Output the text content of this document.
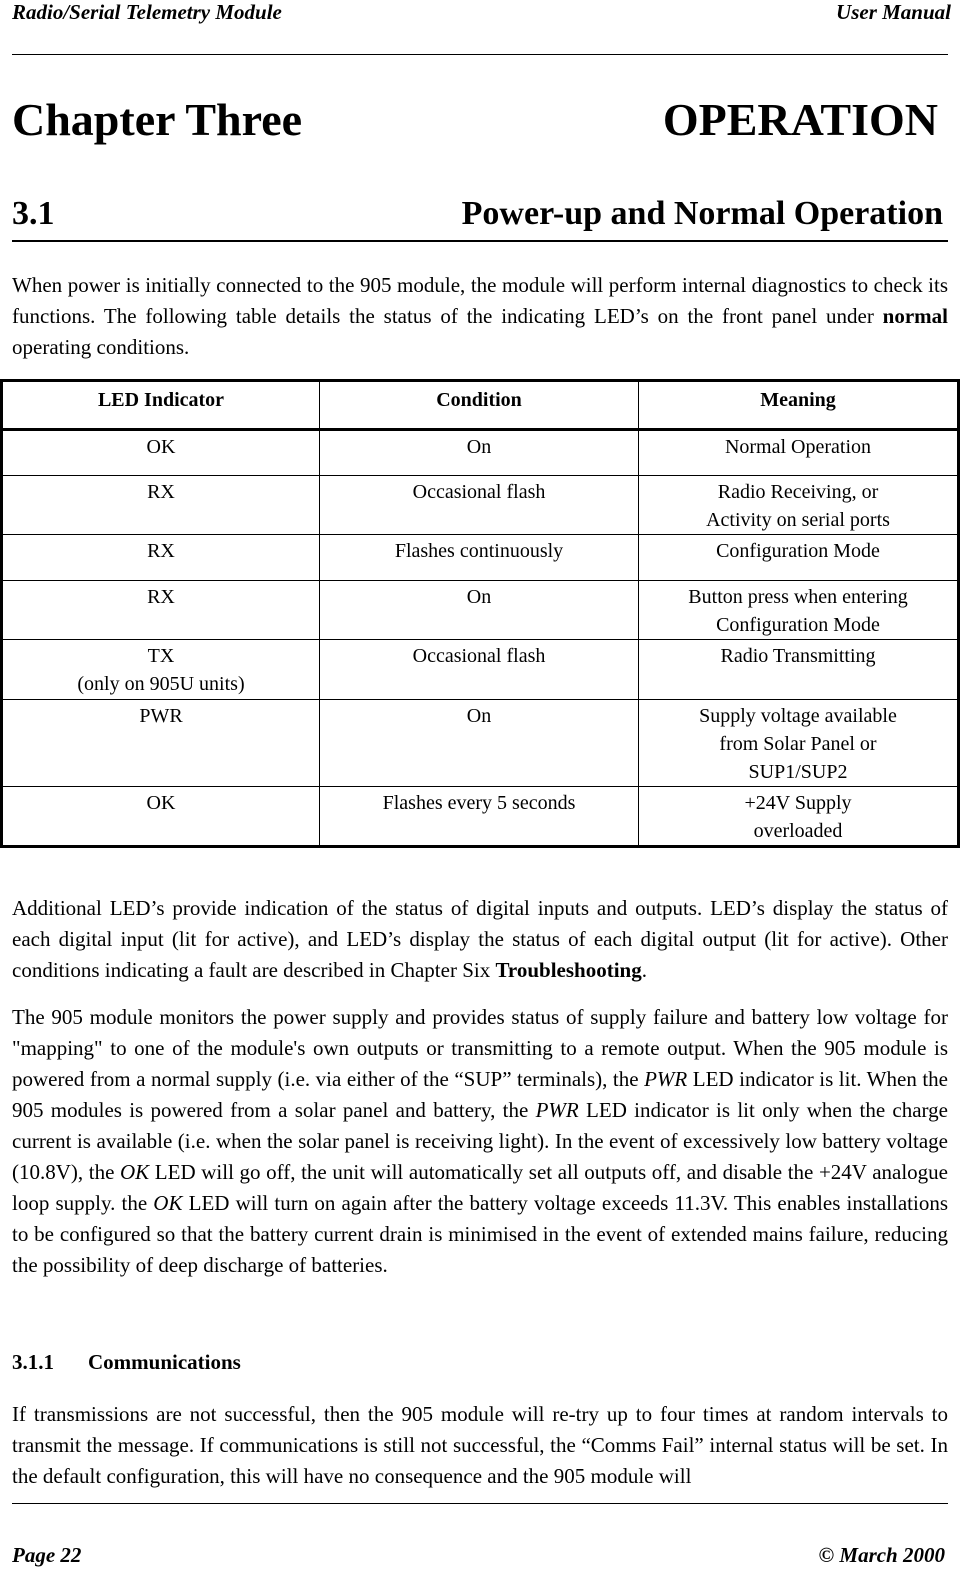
Radio/Serial Telemetry Module	User Manual
Chapter Three	OPERATION
3.1	Power-up and Normal Operation

When power is initially connected to the 905 module, the module will perform internal diagnostics to check its functions. The following table details the status of the indicating LED’s on the front panel under normal operating conditions.

LED Indicator	Condition	Meaning
OK	On	Normal Operation
RX	Occasional flash	Radio Receiving, or
Activity on serial ports
RX	Flashes continuously	Configuration Mode
RX	On	Button press when entering
Configuration Mode
TX
(only on 905U units)	Occasional flash	Radio Transmitting
PWR	On	Supply voltage available
from Solar Panel or
SUP1/SUP2
OK	Flashes every 5 seconds	+24V Supply
overloaded

Additional LED’s provide indication of the status of digital inputs and outputs. LED’s display the status of each digital input (lit for active), and LED’s display the status of each digital output (lit for active). Other conditions indicating a fault are described in Chapter Six Troubleshooting.

The 905 module monitors the power supply and provides status of supply failure and battery low voltage for "mapping" to one of the module's own outputs or transmitting to a remote output. When the 905 module is powered from a normal supply (i.e. via either of the “SUP” terminals), the PWR LED indicator is lit. When the 905 modules is powered from a solar panel and battery, the PWR LED indicator is lit only when the charge current is available (i.e. when the solar panel is receiving light). In the event of excessively low battery voltage (10.8V), the OK LED will go off, the unit will automatically set all outputs off, and disable the +24V analogue loop supply. the OK LED will turn on again after the battery voltage exceeds 11.3V. This enables installations to be configured so that the battery current drain is minimised in the event of extended mains failure, reducing the possibility of deep discharge of batteries.

3.1.1 Communications

If transmissions are not successful, then the 905 module will re-try up to four times at random intervals to transmit the message. If communications is still not successful, the “Comms Fail” internal status will be set. In the default configuration, this will have no consequence and the 905 module will

Page 22	© March 2000
